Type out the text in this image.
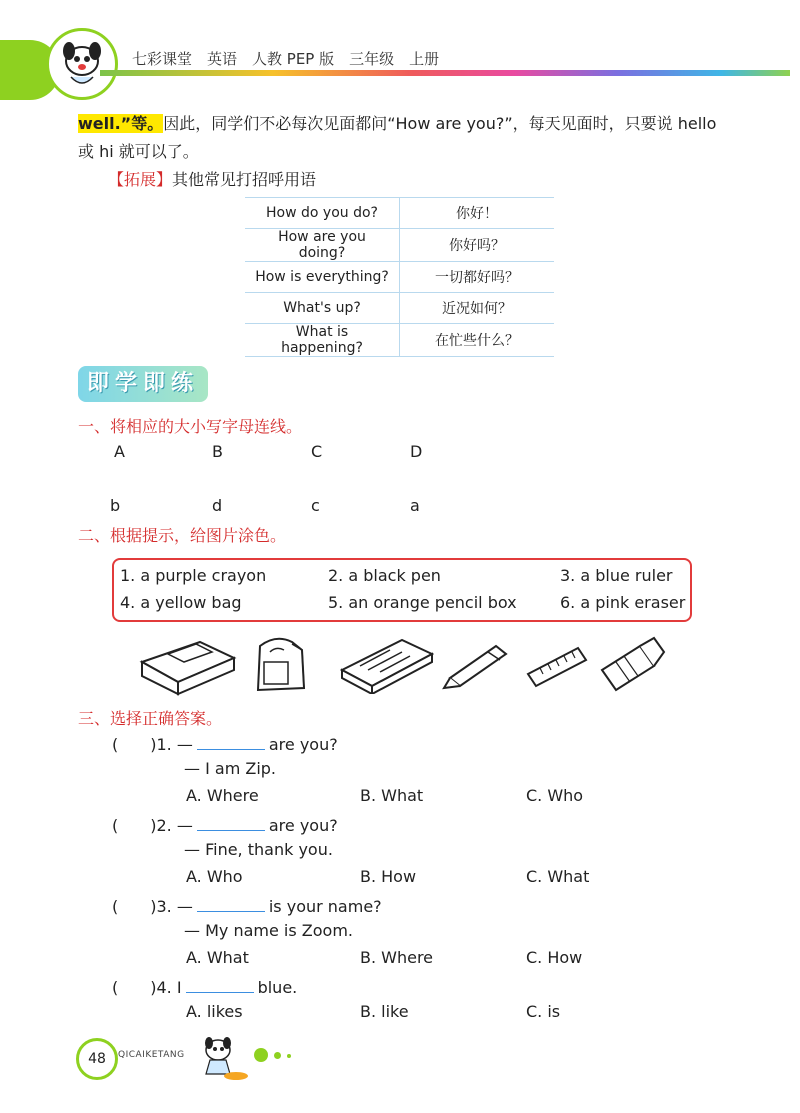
七彩课堂　英语　人教 PEP 版　三年级　上册
well.”等。因此，同学们不必每次见面都问“How are you?”，每天见面时，只要说 hello
或 hi 就可以了。
【拓展】其他常见打招呼用语
How do you do?	你好！
How are you doing?	你好吗？
How is everything?	一切都好吗？
What's up?	近况如何？
What is happening?	在忙些什么？
即学即练
一、将相应的大小写字母连线。
A	B	C	D
b	d	c	a
二、根据提示，给图片涂色。
1. a purple crayon	2. a black pen	3. a blue ruler
4. a yellow bag	5. an orange pencil box	6. a pink eraser
三、选择正确答案。
(　　)1. —	are you?
— I am Zip.
A. Where	B. What	C. Who
(　　)2. —	are you?
— Fine, thank you.
A. Who	B. How	C. What
(　　)3. —	is your name?
— My name is Zoom.
A. What	B. Where	C. How
(　　)4. I	blue.
A. likes	B. like	C. is
48	QICAIKETANG
